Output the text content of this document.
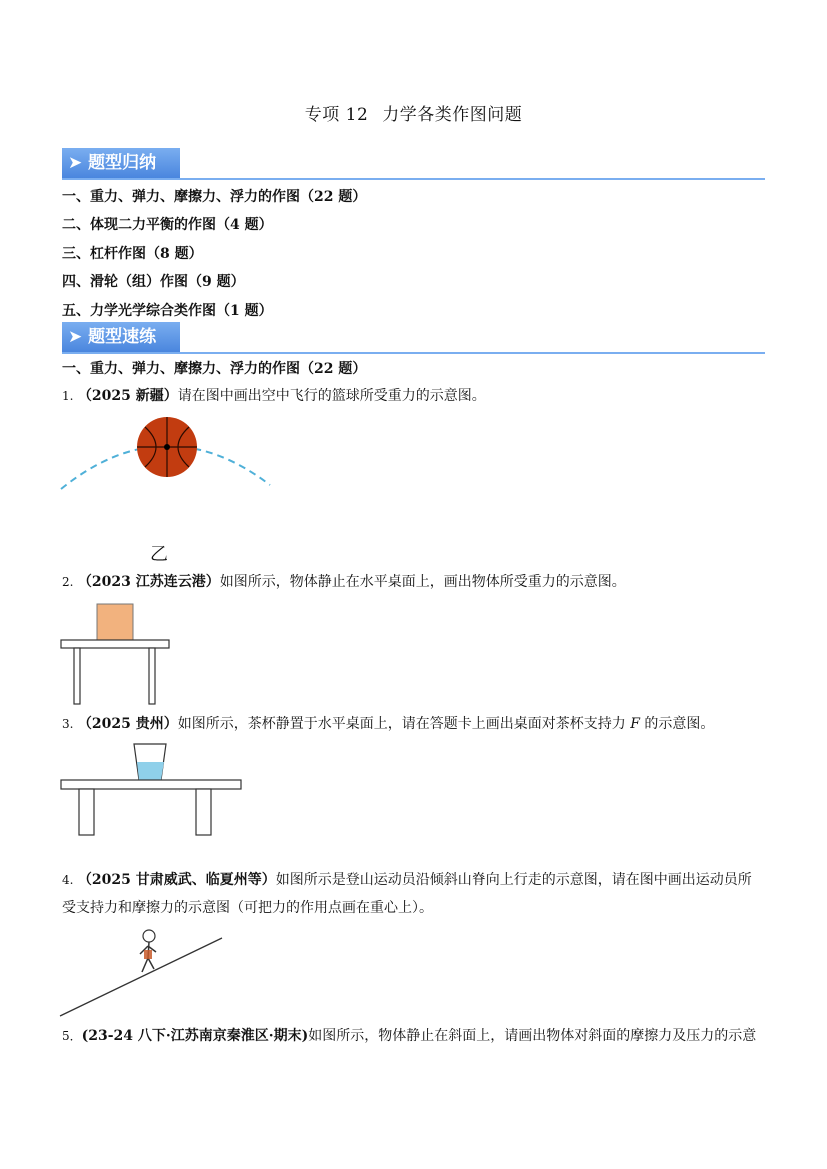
专项 12 力学各类作图问题
➤ 题型归纳
一、重力、弹力、摩擦力、浮力的作图（22 题）
二、体现二力平衡的作图（4 题）
三、杠杆作图（8 题）
四、滑轮（组）作图（9 题）
五、力学光学综合类作图（1 题）
➤ 题型速练
一、重力、弹力、摩擦力、浮力的作图（22 题）
1. （2025 新疆）请在图中画出空中飞行的篮球所受重力的示意图。
乙
2. （2023 江苏连云港）如图所示，物体静止在水平桌面上，画出物体所受重力的示意图。
3. （2025 贵州）如图所示，茶杯静置于水平桌面上，请在答题卡上画出桌面对茶杯支持力 F 的示意图。
4. （2025 甘肃威武、临夏州等）如图所示是登山运动员沿倾斜山脊向上行走的示意图，请在图中画出运动员所
受支持力和摩擦力的示意图（可把力的作用点画在重心上）。
5．(23-24 八下·江苏南京秦淮区·期末)如图所示，物体静止在斜面上，请画出物体对斜面的摩擦力及压力的示意
